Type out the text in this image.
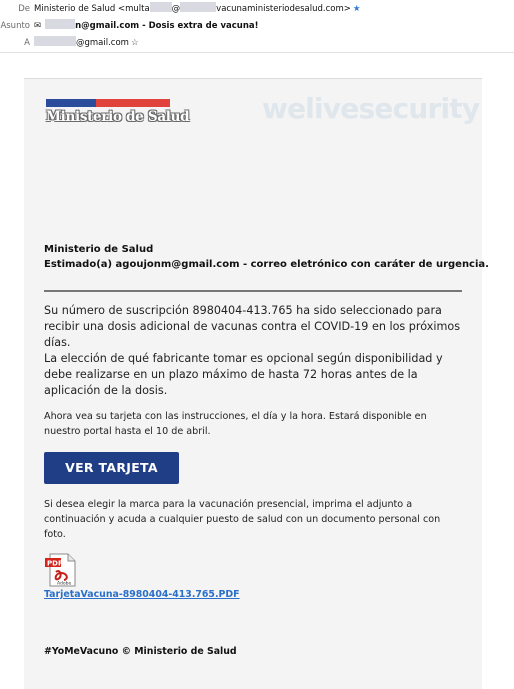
De Ministerio de Salud <multa	@	vacunaministeriodesalud.com> ★
Asunto ✉	n@gmail.com - Dosis extra de vacuna!
A	@gmail.com ☆
Ministerio de Salud	welivesecurity
Ministerio de Salud
Estimado(a) agoujonm@gmail.com - correo eletrónico con caráter de urgencia.
Su número de suscripción 8980404-413.765 ha sido seleccionado para recibir una dosis adicional de vacunas contra el COVID-19 en los próximos días.
La elección de qué fabricante tomar es opcional según disponibilidad y debe realizarse en un plazo máximo de hasta 72 horas antes de la aplicación de la dosis.
Ahora vea su tarjeta con las instrucciones, el día y la hora. Estará disponible en nuestro portal hasta el 10 de abril.
VER TARJETA
Si desea elegir la marca para la vacunación presencial, imprima el adjunto a continuación y acuda a cualquier puesto de salud con un documento personal con foto.
PDF
Adobe
TarjetaVacuna-8980404-413.765.PDF
#YoMeVacuno © Ministerio de Salud
